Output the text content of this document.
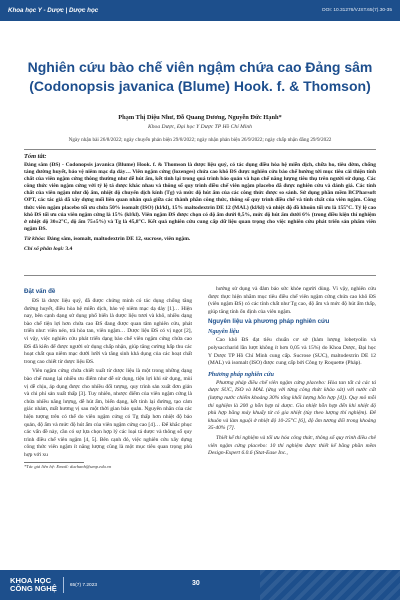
Khoa học Y - Dược | Dược học	DOI: 10.31276/VJST.65(7).30-35
Nghiên cứu bào chế viên ngậm chứa cao Đảng sâm
(Codonopsis javanica (Blume) Hook. f. & Thomson)
Phạm Thị Diệu Như, Đỗ Quang Dương, Nguyễn Đức Hạnh*
Khoa Dược, Đại học Y Dược TP Hồ Chí Minh
Ngày nhận bài 26/8/2022; ngày chuyển phản biện 29/8/2022; ngày nhận phản biện 26/9/2022; ngày chấp nhận đăng 29/9/2022
Tóm tắt:
Đảng sâm (ĐS) - Codonopsis javanica (Blume) Hook. f. & Thomson là dược liệu quý, có tác dụng điều hòa hệ miễn dịch, chữa ho, tiêu đờm, chống táng đường huyết, bảo vệ niêm mạc dạ dày… Viên ngậm cứng (lozenges) chứa cao khô ĐS được nghiên cứu bào chế hướng tới mục tiêu cải thiện tính chất của viên ngậm cứng thông thường như dễ hút ẩm, kết tinh lại trong quá trình bảo quản và hạn chế nâng lượng tiêu thụ trên người sử dụng. Các công thức viên ngậm cứng với tỷ lệ tá dược khác nhau và thông số quy trình điều chế viên ngậm placebo đã được nghiên cứu và đánh giá. Các tính chất của viên ngậm như độ ẩm, nhiệt độ chuyển dịch kính (Tg) và mức độ hút ẩm của các công thức được so sánh. Sử dụng phần mềm BCPharsoft OPT, các tác giả đã xây dựng mối liên quan nhân quả giữa các thành phần công thức, thông số quy trình điều chế và tính chất của viên ngậm. Công thức viên ngậm placebo tối ưu chứa 50% isomalt (ISO) (kl/kl), 15% maltodextrin DE 12 (MAL) (kl/kl) và nhiệt độ đồ khuôn tối ưu là 155°C. Tỷ lệ cao khô ĐS tối ưu của viên ngậm cứng là 15% (kl/kl). Viên ngậm ĐS được chọn có độ ẩm dưới 0,5%, mức độ hút ẩm dưới 6% (trong điều kiện thí nghiệm ở nhiệt độ 30±2°C, độ ẩm 75±5%) và Tg là 45,8°C. Kết quả nghiên cứu cung cấp dữ liệu quan trọng cho việc nghiên cứu phát triển sản phẩm viên ngậm ĐS.
Từ khóa: Đảng sâm, isomalt, maltodextrin DE 12, sucrose, viên ngậm.
Chỉ số phân loại: 3.4
Đặt vấn đề
ĐS là dược liệu quý, đã được chứng minh có tác dụng chống tăng đường huyết, điều hòa hệ miễn dịch, bảo vệ niêm mạc dạ dày [1]… Hiện nay, bên cạnh dạng sử dụng phổ biến là dược liệu tươi và khô, nhiều dạng bào chế tiện lợi hơn chứa cao ĐS đang được quan tâm nghiên cứu, phát triển như: viên nén, trà hòa tan, viên ngậm… Dược liệu ĐS có vị ngọt [2], vì vậy, việc nghiên cứu phát triển dạng bào chế viên ngậm cứng chứa cao ĐS đã kiến để được người sử dụng chấp nhận, giúp tăng cường hấp thu các hoạt chất qua niêm mạc dưới lưỡi và tăng sinh khả dụng của các hoạt chất trong cao chiết từ dược liệu ĐS.
Viên ngậm cứng chứa chiết xuất từ dược liệu là một trong những dạng bào chế mang lại nhiều ưu điểm như dễ sử dụng, tiện lợi khi sử dụng, mùi vị dễ chịu, áp dụng được cho nhiều đối tượng, quy trình sản xuất đơn giản và chi phí sản xuất thấp [3]. Tuy nhiên, nhược điểm của viên ngậm cứng là chứa nhiều năng lượng, dễ hút ẩm, biến dạng, kết tinh lại đường, tạo cảm giác nhám, mất hương vị sau một thời gian bảo quản. Nguyên nhân của các hiện tượng trên có thể do viên ngậm cứng có Tg thấp hơn nhiệt độ bảo quản, độ ẩm và mức độ hút ẩm của viên ngậm cứng cao [4]… Để khắc phục các vấn đề này, cần có sự lựa chọn hợp lý các loại tá dược và thông số quy trình điều chế viên ngậm [4, 5]. Bên cạnh đó, việc nghiên cứu xây dựng công thức viên ngậm ít năng lượng cũng là một mục tiêu quan trọng phù hợp với xu
*Tác giả liên hệ: Email: duchanh@ump.edu.vn
hướng sử dụng và đảm bảo sức khỏe người dùng. Vì vậy, nghiên cứu được thực hiện nhằm mục tiêu điều chế viên ngậm cứng chứa cao khô ĐS (viên ngậm ĐS) có các tính chất như Tg cao, độ ẩm và mức độ hút ẩm thấp, giúp tăng tính ổn định của viên ngậm.
Nguyên liệu và phương pháp nghiên cứu
Nguyên liệu
Cao khô ĐS đạt tiêu chuẩn cơ sở (hàm lượng lobetyolin và polysaccharid lần lượt không ít hơn 0,05 và 15%) do Khoa Dược, Đại học Y Dược TP Hồ Chí Minh cung cấp. Sucrose (SUC), maltodextrin DE 12 (MAL) và isomalt (ISO) được cung cấp bởi Công ty Roquette (Pháp).
Phương pháp nghiên cứu
Phương pháp điều chế viên ngậm cứng placebo: Hòa tan tất cả các tá dược SUC, ISO và MAL (ứng với từng công thức khảo sát) với nước cất (lượng nước chiếm khoảng 30% tổng khối lượng hỗn hợp [4]). Quy mô mỗi thí nghiệm là 200 g hỗn hợp tá dược. Gia nhiệt hỗn hợp đến khi nhiệt độ phù hợp bằng máy khuấy từ có gia nhiệt (tùy theo lượng thí nghiệm). Để khuôn và làm nguội ở nhiệt độ 10-25°C [6], độ ẩm tương đối trong khoảng 35-40% [7].
Thiết kế thí nghiệm và tối ưu hóa công thức, thông số quy trình điều chế viên ngậm cứng placebo: 10 thí nghiệm được thiết kế bằng phần mềm Design-Expert 6.0.6 (Stat-Ease Inc.,
KHOA HỌC
CÔNG NGHỆ	65(7) 7.2023	30
